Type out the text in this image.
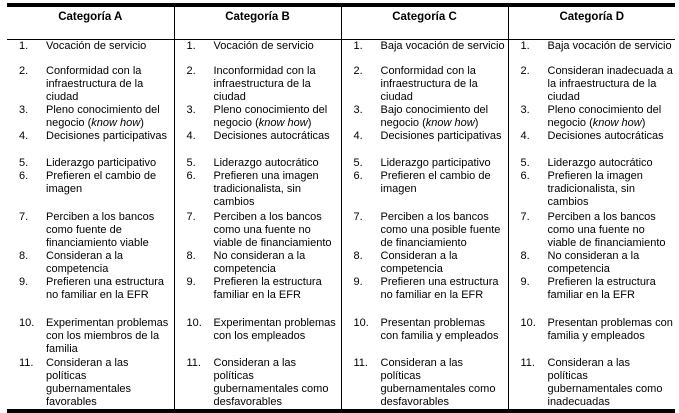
Categoría A	Categoría B	Categoría C	Categoría D

1. Vocación de servicio	1. Vocación de servicio	1. Baja vocación de servicio	1. Baja vocación de servicio

2. Conformidad con la infraestructura de la ciudad	2. Inconformidad con la infraestructura de la ciudad	2. Conformidad con la infraestructura de la ciudad	2. Consideran inadecuada a la infraestructura de la ciudad

3. Pleno conocimiento del negocio (know how)	3. Pleno conocimiento del negocio (know how)	3. Bajo conocimiento del negocio (know how)	3. Pleno conocimiento del negocio (know how)

4. Decisiones participativas	4. Decisiones autocráticas	4. Decisiones participativas	4. Decisiones autocráticas

5. Liderazgo participativo	5. Liderazgo autocrático	5. Liderazgo participativo	5. Liderazgo autocrático

6. Prefieren el cambio de imagen	6. Prefieren una imagen tradicionalista, sin cambios	6. Prefieren el cambio de imagen	6. Prefieren la imagen tradicionalista, sin cambios

7. Perciben a los bancos como fuente de financiamiento viable	7. Perciben a los bancos como una fuente no viable de financiamiento	7. Perciben a los bancos como una posible fuente de financiamiento	7. Perciben a los bancos como una fuente no viable de financiamiento

8. Consideran a la competencia	8. No consideran a la competencia	8. Consideran a la competencia	8. No consideran a la competencia

9. Prefieren una estructura no familiar en la EFR	9. Prefieren la estructura familiar en la EFR	9. Prefieren una estructura no familiar en la EFR	9. Prefieren la estructura familiar en la EFR

10. Experimentan problemas con los miembros de la familia	10. Experimentan problemas con los empleados	10. Presentan problemas con familia y empleados	10. Presentan problemas con familia y empleados

11. Consideran a las políticas gubernamentales favorables	11. Consideran a las políticas gubernamentales como desfavorables	11. Consideran a las políticas gubernamentales como desfavorables	11. Consideran a las políticas gubernamentales como inadecuadas
